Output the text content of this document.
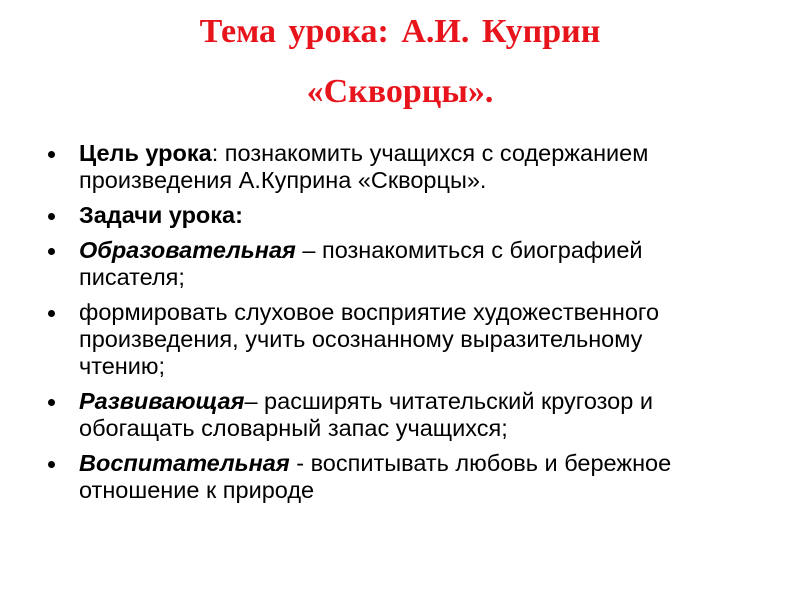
Тема урока: А.И. Куприн
«Скворцы».
Цель урока: познакомить учащихся с содержанием произведения А.Куприна «Скворцы».
Задачи урока:
Образовательная – познакомиться с биографией писателя;
формировать слуховое восприятие художественного произведения, учить осознанному выразительному чтению;
Развивающая– расширять читательский кругозор и обогащать словарный запас учащихся;
Воспитательная - воспитывать любовь и бережное отношение к природе
